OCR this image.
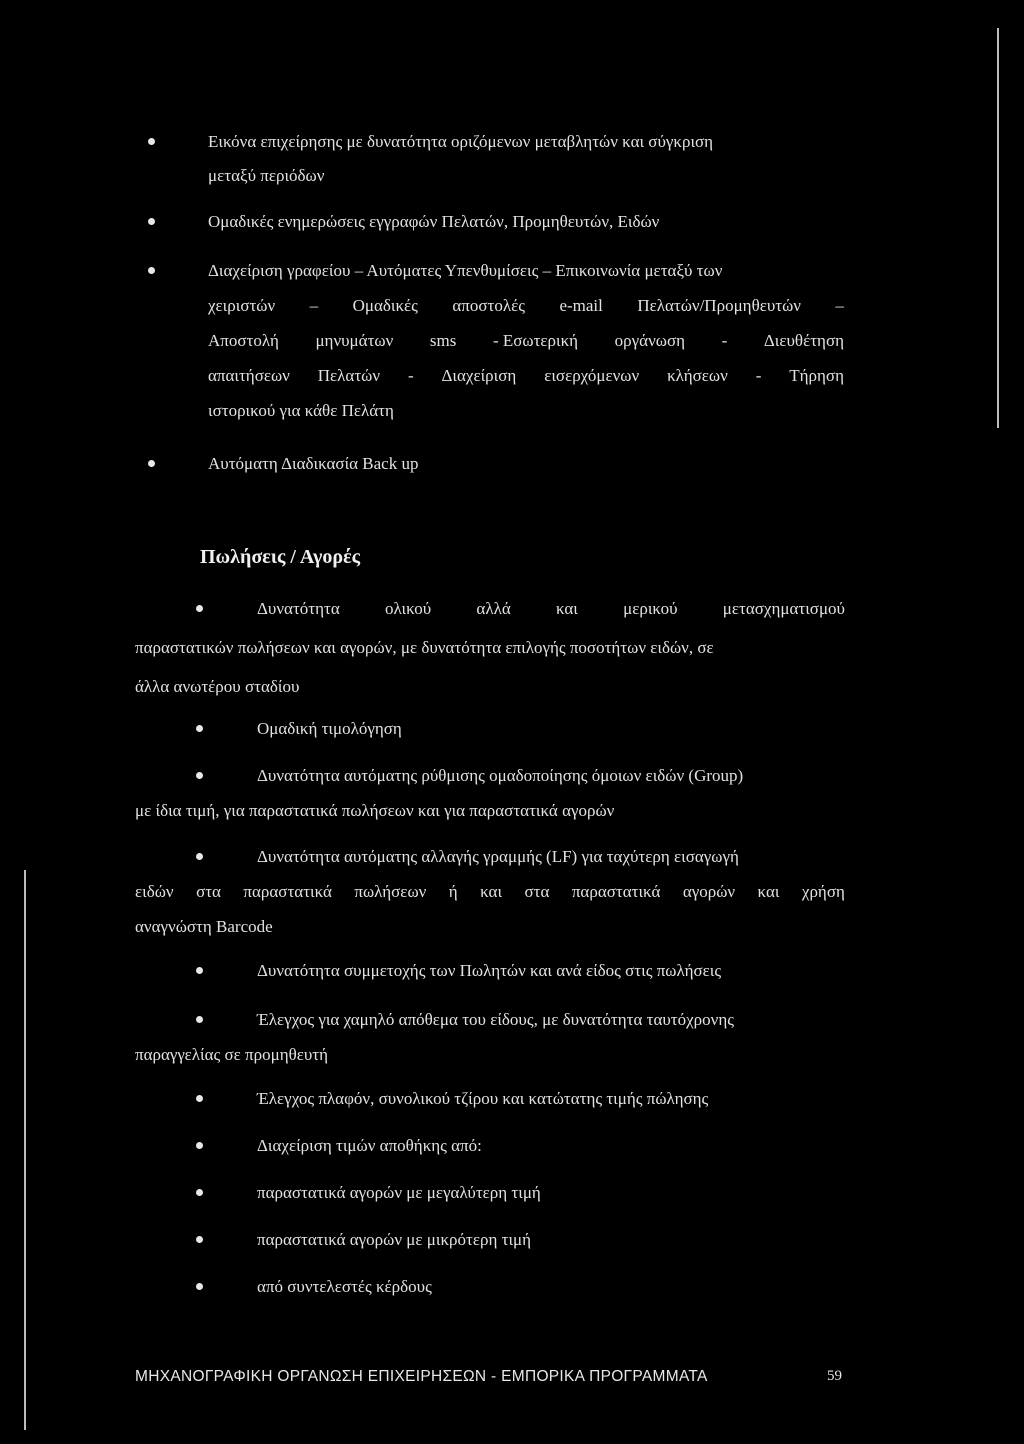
Εικόνα επιχείρησης με δυνατότητα οριζόμενων μεταβλητών και σύγκριση
μεταξύ περιόδων
Ομαδικές ενημερώσεις εγγραφών Πελατών, Προμηθευτών, Ειδών
Διαχείριση γραφείου – Αυτόματες Υπενθυμίσεις – Επικοινωνία μεταξύ των
χειριστών – Ομαδικές αποστολές e-mail Πελατών/Προμηθευτών –
Αποστολή μηνυμάτων sms - Εσωτερική οργάνωση - Διευθέτηση
απαιτήσεων Πελατών - Διαχείριση εισερχόμενων κλήσεων - Τήρηση
ιστορικού για κάθε Πελάτη
Αυτόματη Διαδικασία Back up
Πωλήσεις / Αγορές
Δυνατότητα	ολικού	αλλά	και	μερικού	μετασχηματισμού
παραστατικών πωλήσεων και αγορών, με δυνατότητα επιλογής ποσοτήτων ειδών, σε
άλλα ανωτέρου σταδίου
Ομαδική τιμολόγηση
Δυνατότητα αυτόματης ρύθμισης ομαδοποίησης όμοιων ειδών (Group)
με ίδια τιμή, για παραστατικά πωλήσεων και για παραστατικά αγορών
Δυνατότητα αυτόματης αλλαγής γραμμής (LF) για ταχύτερη εισαγωγή
ειδών στα παραστατικά πωλήσεων ή και στα παραστατικά αγορών και χρήση
αναγνώστη Barcode
Δυνατότητα συμμετοχής των Πωλητών και ανά είδος στις πωλήσεις
Έλεγχος για χαμηλό απόθεμα του είδους, με δυνατότητα ταυτόχρονης
παραγγελίας σε προμηθευτή
Έλεγχος πλαφόν, συνολικού τζίρου και κατώτατης τιμής πώλησης
Διαχείριση τιμών αποθήκης από:
παραστατικά αγορών με μεγαλύτερη τιμή
παραστατικά αγορών με μικρότερη τιμή
από συντελεστές κέρδους
ΜΗΧΑΝΟΓΡΑΦΙΚΗ ΟΡΓΑΝΩΣΗ ΕΠΙΧΕΙΡΗΣΕΩΝ - ΕΜΠΟΡΙΚΑ ΠΡΟΓΡΑΜΜΑΤΑ	59
